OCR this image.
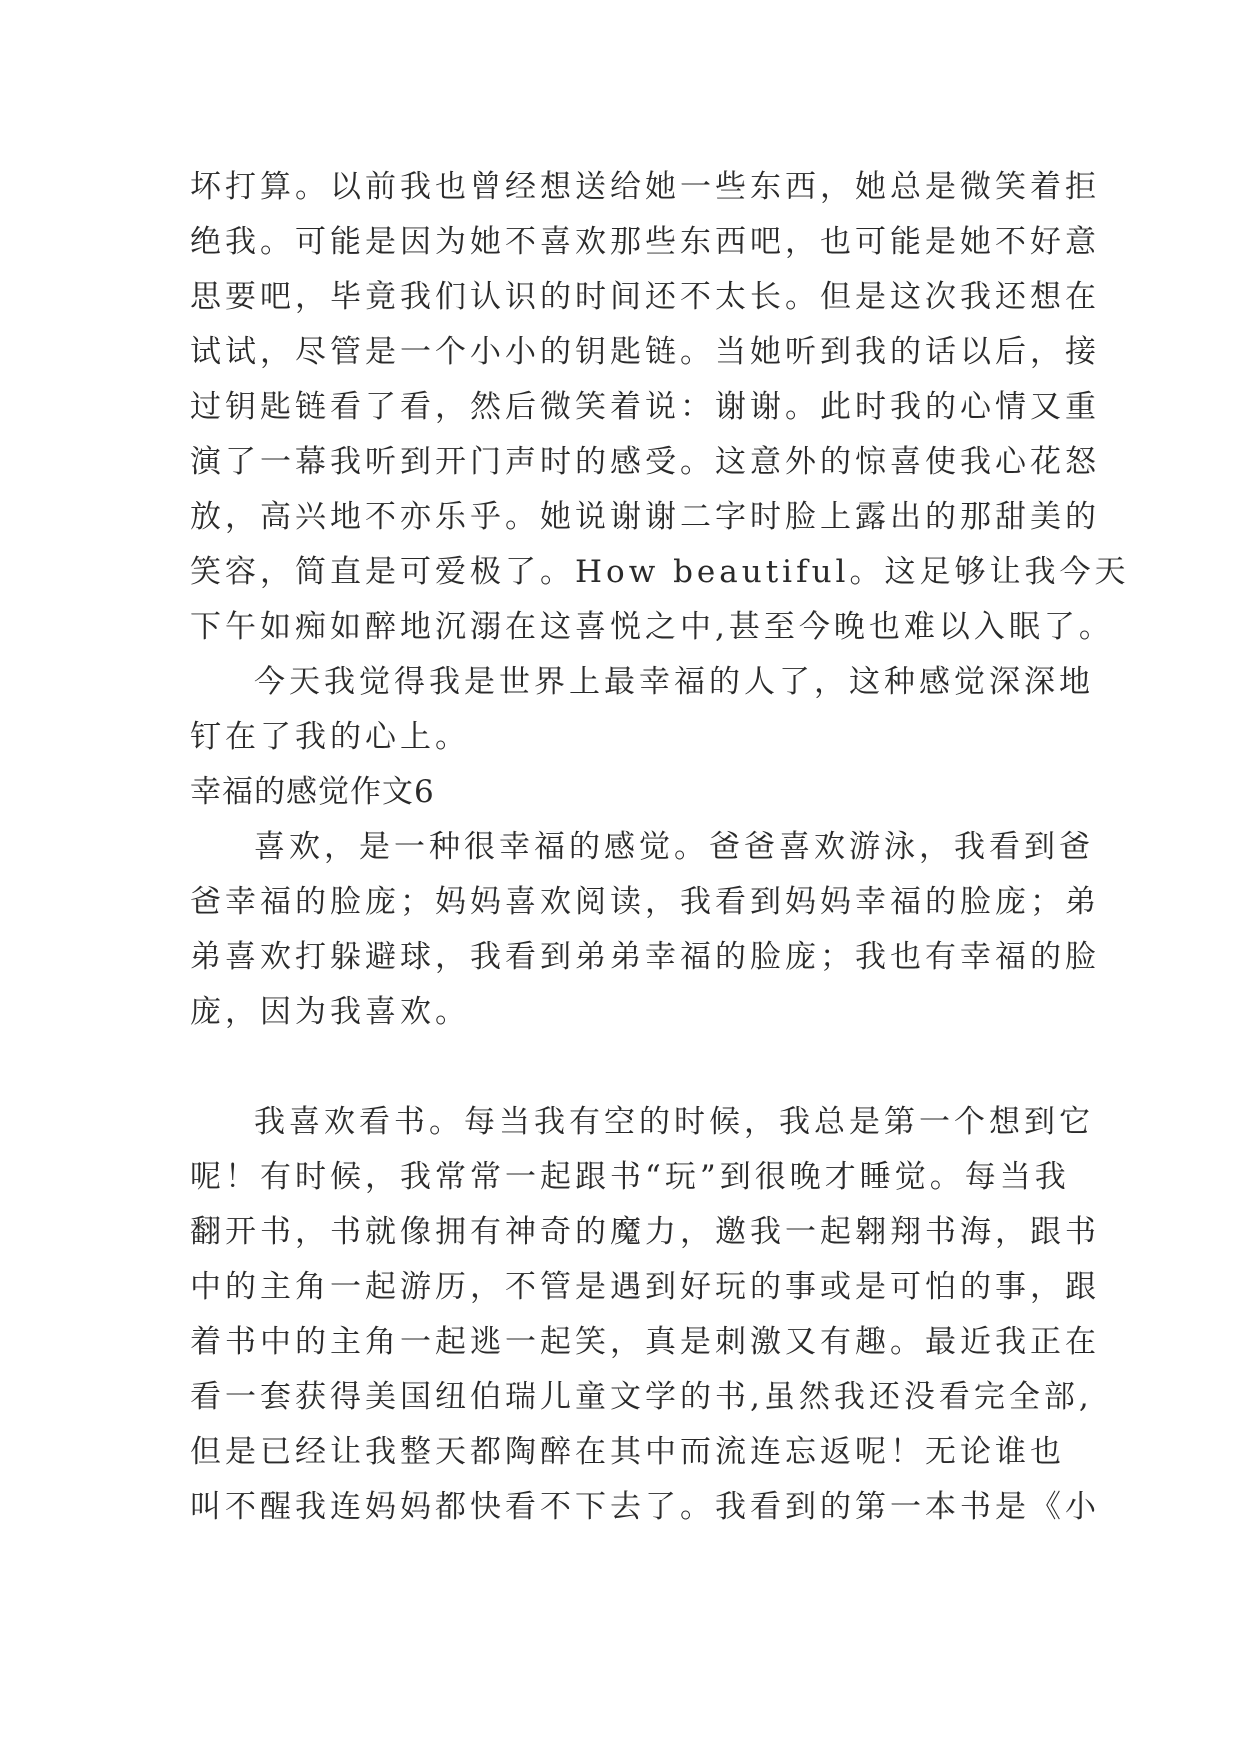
坏打算。以前我也曾经想送给她一些东西，她总是微笑着拒
绝我。可能是因为她不喜欢那些东西吧，也可能是她不好意
思要吧，毕竟我们认识的时间还不太长。但是这次我还想在
试试，尽管是一个小小的钥匙链。当她听到我的话以后，接
过钥匙链看了看，然后微笑着说：谢谢。此时我的心情又重
演了一幕我听到开门声时的感受。这意外的惊喜使我心花怒
放，高兴地不亦乐乎。她说谢谢二字时脸上露出的那甜美的
笑容，简直是可爱极了。How beautiful。这足够让我今天
下午如痴如醉地沉溺在这喜悦之中,甚至今晚也难以入眠了。
今天我觉得我是世界上最幸福的人了，这种感觉深深地
钉在了我的心上。
幸福的感觉作文6
喜欢，是一种很幸福的感觉。爸爸喜欢游泳，我看到爸
爸幸福的脸庞；妈妈喜欢阅读，我看到妈妈幸福的脸庞；弟
弟喜欢打躲避球，我看到弟弟幸福的脸庞；我也有幸福的脸
庞，因为我喜欢。
我喜欢看书。每当我有空的时候，我总是第一个想到它
呢！有时候，我常常一起跟书“玩”到很晚才睡觉。每当我
翻开书，书就像拥有神奇的魔力，邀我一起翱翔书海，跟书
中的主角一起游历，不管是遇到好玩的事或是可怕的事，跟
着书中的主角一起逃一起笑，真是刺激又有趣。最近我正在
看一套获得美国纽伯瑞儿童文学的书,虽然我还没看完全部,
但是已经让我整天都陶醉在其中而流连忘返呢！无论谁也
叫不醒我连妈妈都快看不下去了。我看到的第一本书是《小
